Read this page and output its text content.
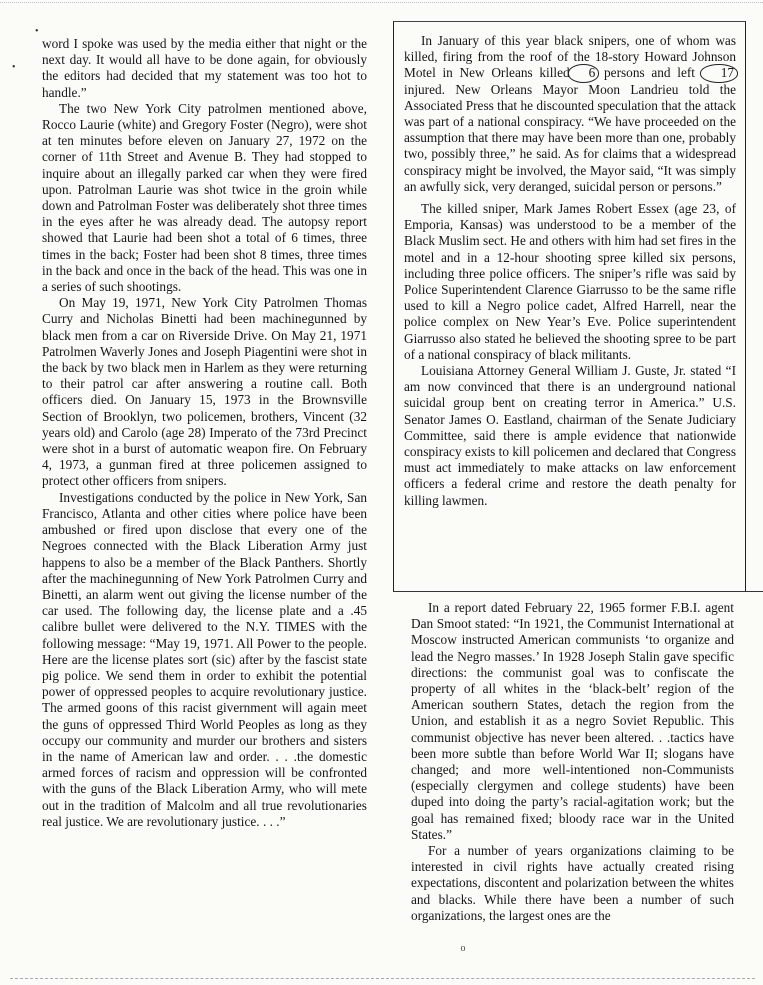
•
•

word I spoke was used by the media either that night or the next day. It would all have to be done again, for obviously the editors had decided that my statement was too hot to handle.”

The two New York City patrolmen mentioned above, Rocco Laurie (white) and Gregory Foster (Negro), were shot at ten minutes before eleven on January 27, 1972 on the corner of 11th Street and Avenue B. They had stopped to inquire about an illegally parked car when they were fired upon. Patrolman Laurie was shot twice in the groin while down and Patrolman Foster was deliberately shot three times in the eyes after he was already dead. The autopsy report showed that Laurie had been shot a total of 6 times, three times in the back; Foster had been shot 8 times, three times in the back and once in the back of the head. This was one in a series of such shootings.

On May 19, 1971, New York City Patrolmen Thomas Curry and Nicholas Binetti had been machinegunned by black men from a car on Riverside Drive. On May 21, 1971 Patrolmen Waverly Jones and Joseph Piagentini were shot in the back by two black men in Harlem as they were returning to their patrol car after answering a routine call. Both officers died. On January 15, 1973 in the Brownsville Section of Brooklyn, two policemen, brothers, Vincent (32 years old) and Carolo (age 28) Imperato of the 73rd Precinct were shot in a burst of automatic weapon fire. On February 4, 1973, a gunman fired at three policemen assigned to protect other officers from snipers.

Investigations conducted by the police in New York, San Francisco, Atlanta and other cities where police have been ambushed or fired upon disclose that every one of the Negroes connected with the Black Liberation Army just happens to also be a member of the Black Panthers. Shortly after the machinegunning of New York Patrolmen Curry and Binetti, an alarm went out giving the license number of the car used. The following day, the license plate and a .45 calibre bullet were delivered to the N.Y. TIMES with the following message: “May 19, 1971. All Power to the people. Here are the license plates sort (sic) after by the fascist state pig police. We send them in order to exhibit the potential power of oppressed peoples to acquire revolutionary justice. The armed goons of this racist givernment will again meet the guns of oppressed Third World Peoples as long as they occupy our community and murder our brothers and sisters in the name of American law and order. . . .the domestic armed forces of racism and oppression will be confronted with the guns of the Black Liberation Army, who will mete out in the tradition of Malcolm and all true revolutionaries real justice. We are revolutionary justice. . . .”

In January of this year black snipers, one of whom was killed, firing from the roof of the 18-story Howard Johnson Motel in New Orleans killed 6 persons and left 17 injured. New Orleans Mayor Moon Landrieu told the Associated Press that he discounted speculation that the attack was part of a national conspiracy. “We have proceeded on the assumption that there may have been more than one, probably two, possibly three,” he said. As for claims that a widespread conspiracy might be involved, the Mayor said, “It was simply an awfully sick, very deranged, suicidal person or persons.”

The killed sniper, Mark James Robert Essex (age 23, of Emporia, Kansas) was understood to be a member of the Black Muslim sect. He and others with him had set fires in the motel and in a 12-hour shooting spree killed six persons, including three police officers. The sniper’s rifle was said by Police Superintendent Clarence Giarrusso to be the same rifle used to kill a Negro police cadet, Alfred Harrell, near the police complex on New Year’s Eve. Police superintendent Giarrusso also stated he believed the shooting spree to be part of a national conspiracy of black militants.

Louisiana Attorney General William J. Guste, Jr. stated “I am now convinced that there is an underground national suicidal group bent on creating terror in America.” U.S. Senator James O. Eastland, chairman of the Senate Judiciary Committee, said there is ample evidence that nationwide conspiracy exists to kill policemen and declared that Congress must act immediately to make attacks on law enforcement officers a federal crime and restore the death penalty for killing lawmen.

In a report dated February 22, 1965 former F.B.I. agent Dan Smoot stated: “In 1921, the Communist International at Moscow instructed American communists ‘to organize and lead the Negro masses.’ In 1928 Joseph Stalin gave specific directions: the communist goal was to confiscate the property of all whites in the ‘black-belt’ region of the American southern States, detach the region from the Union, and establish it as a negro Soviet Republic. This communist objective has never been altered. . .tactics have been more subtle than before World War II; slogans have changed; and more well-intentioned non-Communists (especially clergymen and college students) have been duped into doing the party’s racial-agitation work; but the goal has remained fixed; bloody race war in the United States.”

For a number of years organizations claiming to be interested in civil rights have actually created rising expectations, discontent and polarization between the whites and blacks. While there have been a number of such organizations, the largest ones are the

o
